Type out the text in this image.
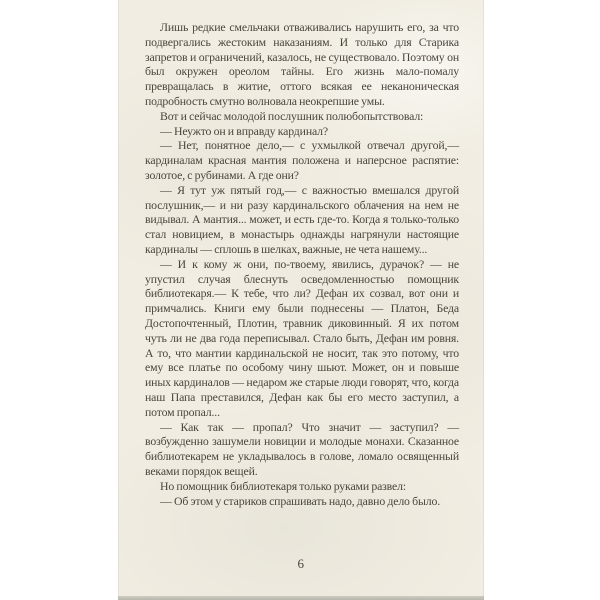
Лишь редкие смельчаки отваживались нарушить его, за что подвергались жестоким наказаниям. И только для Старика запретов и ограничений, казалось, не существовало. Поэтому он был окружен ореолом тайны. Его жизнь мало-помалу превращалась в житие, оттого всякая ее неканоническая подробность смутно волновала неокрепшие умы.

Вот и сейчас молодой послушник полюбопытствовал:

— Неужто он и вправду кардинал?

— Нет, понятное дело,— с ухмылкой отвечал другой,— кардиналам красная мантия положена и наперсное распятие: золотое, с рубинами. А где они?

— Я тут уж пятый год,— с важностью вмешался другой послушник,— и ни разу кардинальского облачения на нем не видывал. А мантия... может, и есть где-то. Когда я только-только стал новицием, в монастырь однажды нагрянули настоящие кардиналы — сплошь в шелках, важные, не чета нашему...

— И к кому ж они, по-твоему, явились, дурачок? — не упустил случая блеснуть осведомленностью помощник библиотекаря.— К тебе, что ли? Дефан их созвал, вот они и примчались. Книги ему были поднесены — Платон, Беда Достопочтенный, Плотин, травник диковинный. Я их потом чуть ли не два года переписывал. Стало быть, Дефан им ровня. А то, что мантии кардинальской не носит, так это потому, что ему все платье по особому чину шьют. Может, он и повыше иных кардиналов — недаром же старые люди говорят, что, когда наш Папа преставился, Дефан как бы его место заступил, а потом пропал...

— Как так — пропал? Что значит — заступил? — возбужденно зашумели новиции и молодые монахи. Сказанное библиотекарем не укладывалось в голове, ломало освященный веками порядок вещей.

Но помощник библиотекаря только руками развел:

— Об этом у стариков спрашивать надо, давно дело было.

6
